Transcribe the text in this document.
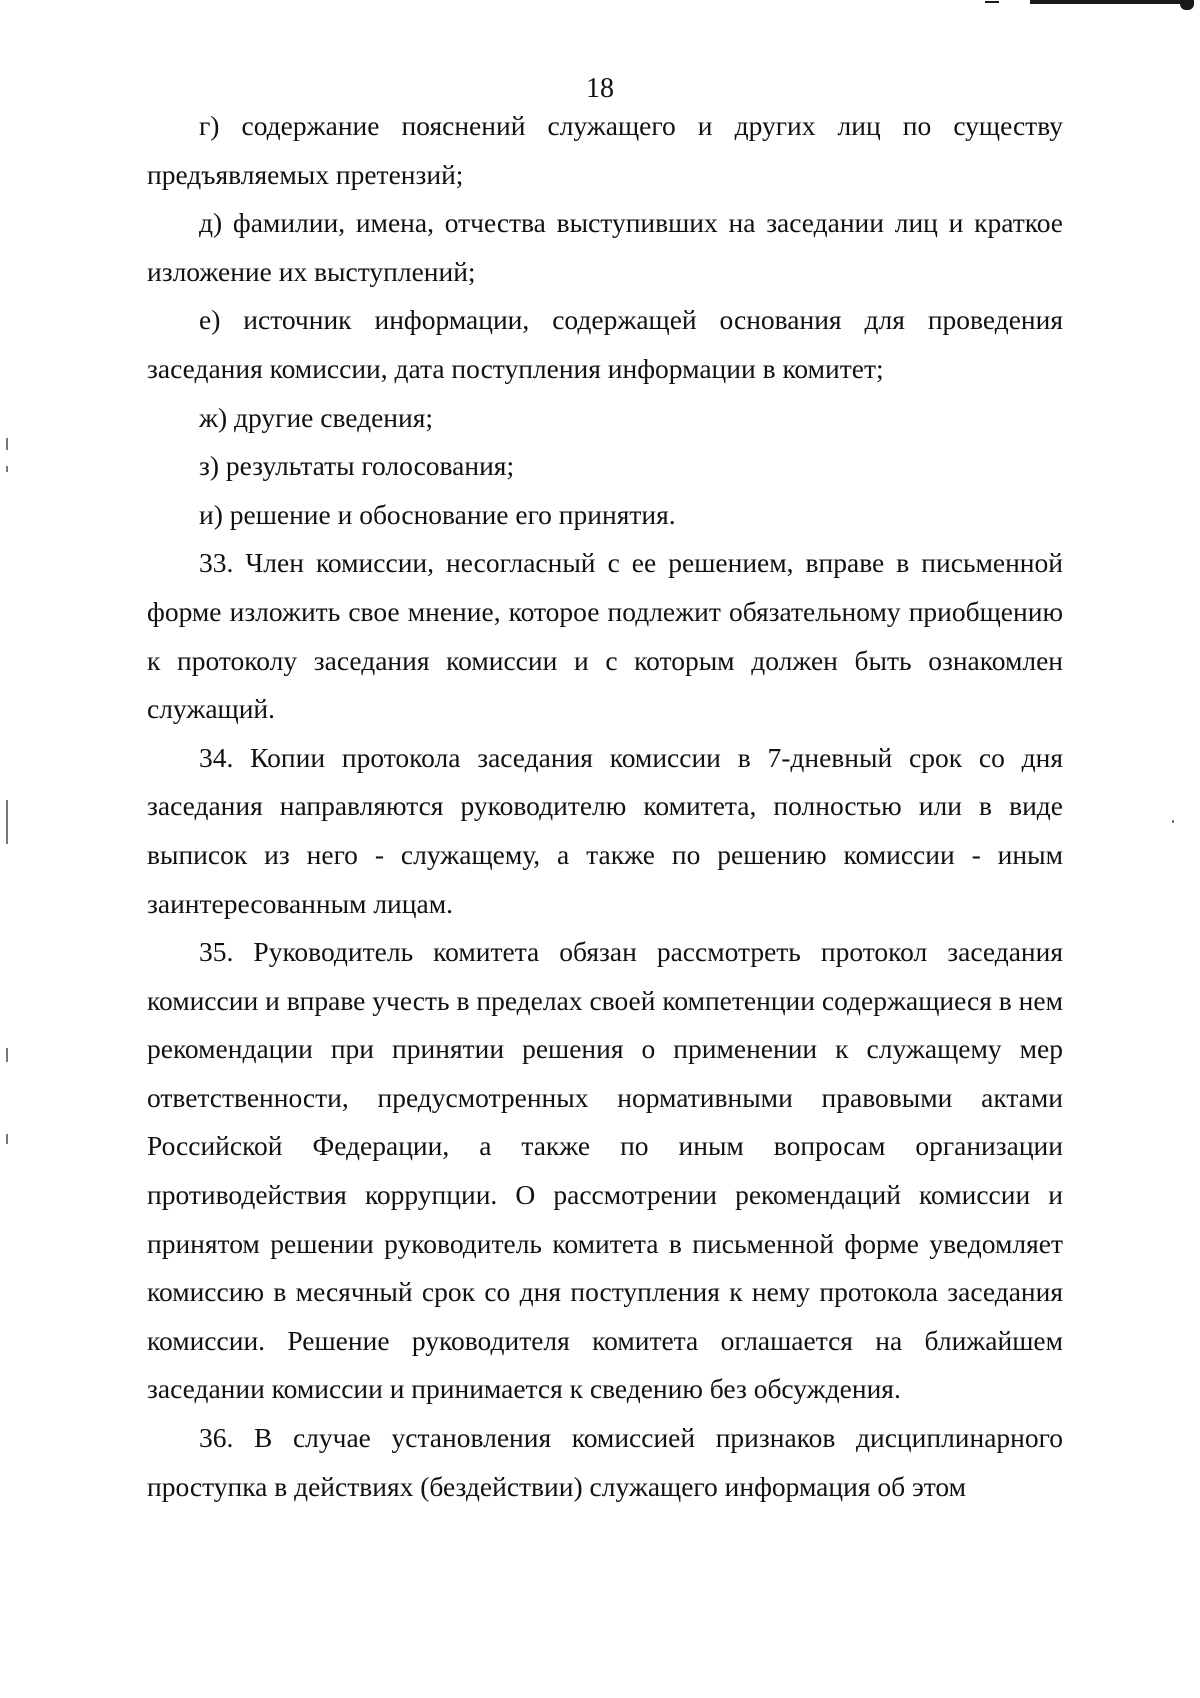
18

г) содержание пояснений служащего и других лиц по существу предъявляемых претензий;

д) фамилии, имена, отчества выступивших на заседании лиц и краткое изложение их выступлений;

е) источник информации, содержащей основания для проведения заседания комиссии, дата поступления информации в комитет;

ж) другие сведения;

з) результаты голосования;

и) решение и обоснование его принятия.

33. Член комиссии, несогласный с ее решением, вправе в письменной форме изложить свое мнение, которое подлежит обязательному приобщению к протоколу заседания комиссии и с которым должен быть ознакомлен служащий.

34. Копии протокола заседания комиссии в 7-дневный срок со дня заседания направляются руководителю комитета, полностью или в виде выписок из него - служащему, а также по решению комиссии - иным заинтересованным лицам.

35. Руководитель комитета обязан рассмотреть протокол заседания комиссии и вправе учесть в пределах своей компетенции содержащиеся в нем рекомендации при принятии решения о применении к служащему мер ответственности, предусмотренных нормативными правовыми актами Российской Федерации, а также по иным вопросам организации противодействия коррупции. О рассмотрении рекомендаций комиссии и принятом решении руководитель комитета в письменной форме уведомляет комиссию в месячный срок со дня поступления к нему протокола заседания комиссии. Решение руководителя комитета оглашается на ближайшем заседании комиссии и принимается к сведению без обсуждения.

36. В случае установления комиссией признаков дисциплинарного проступка в действиях (бездействии) служащего информация об этом
